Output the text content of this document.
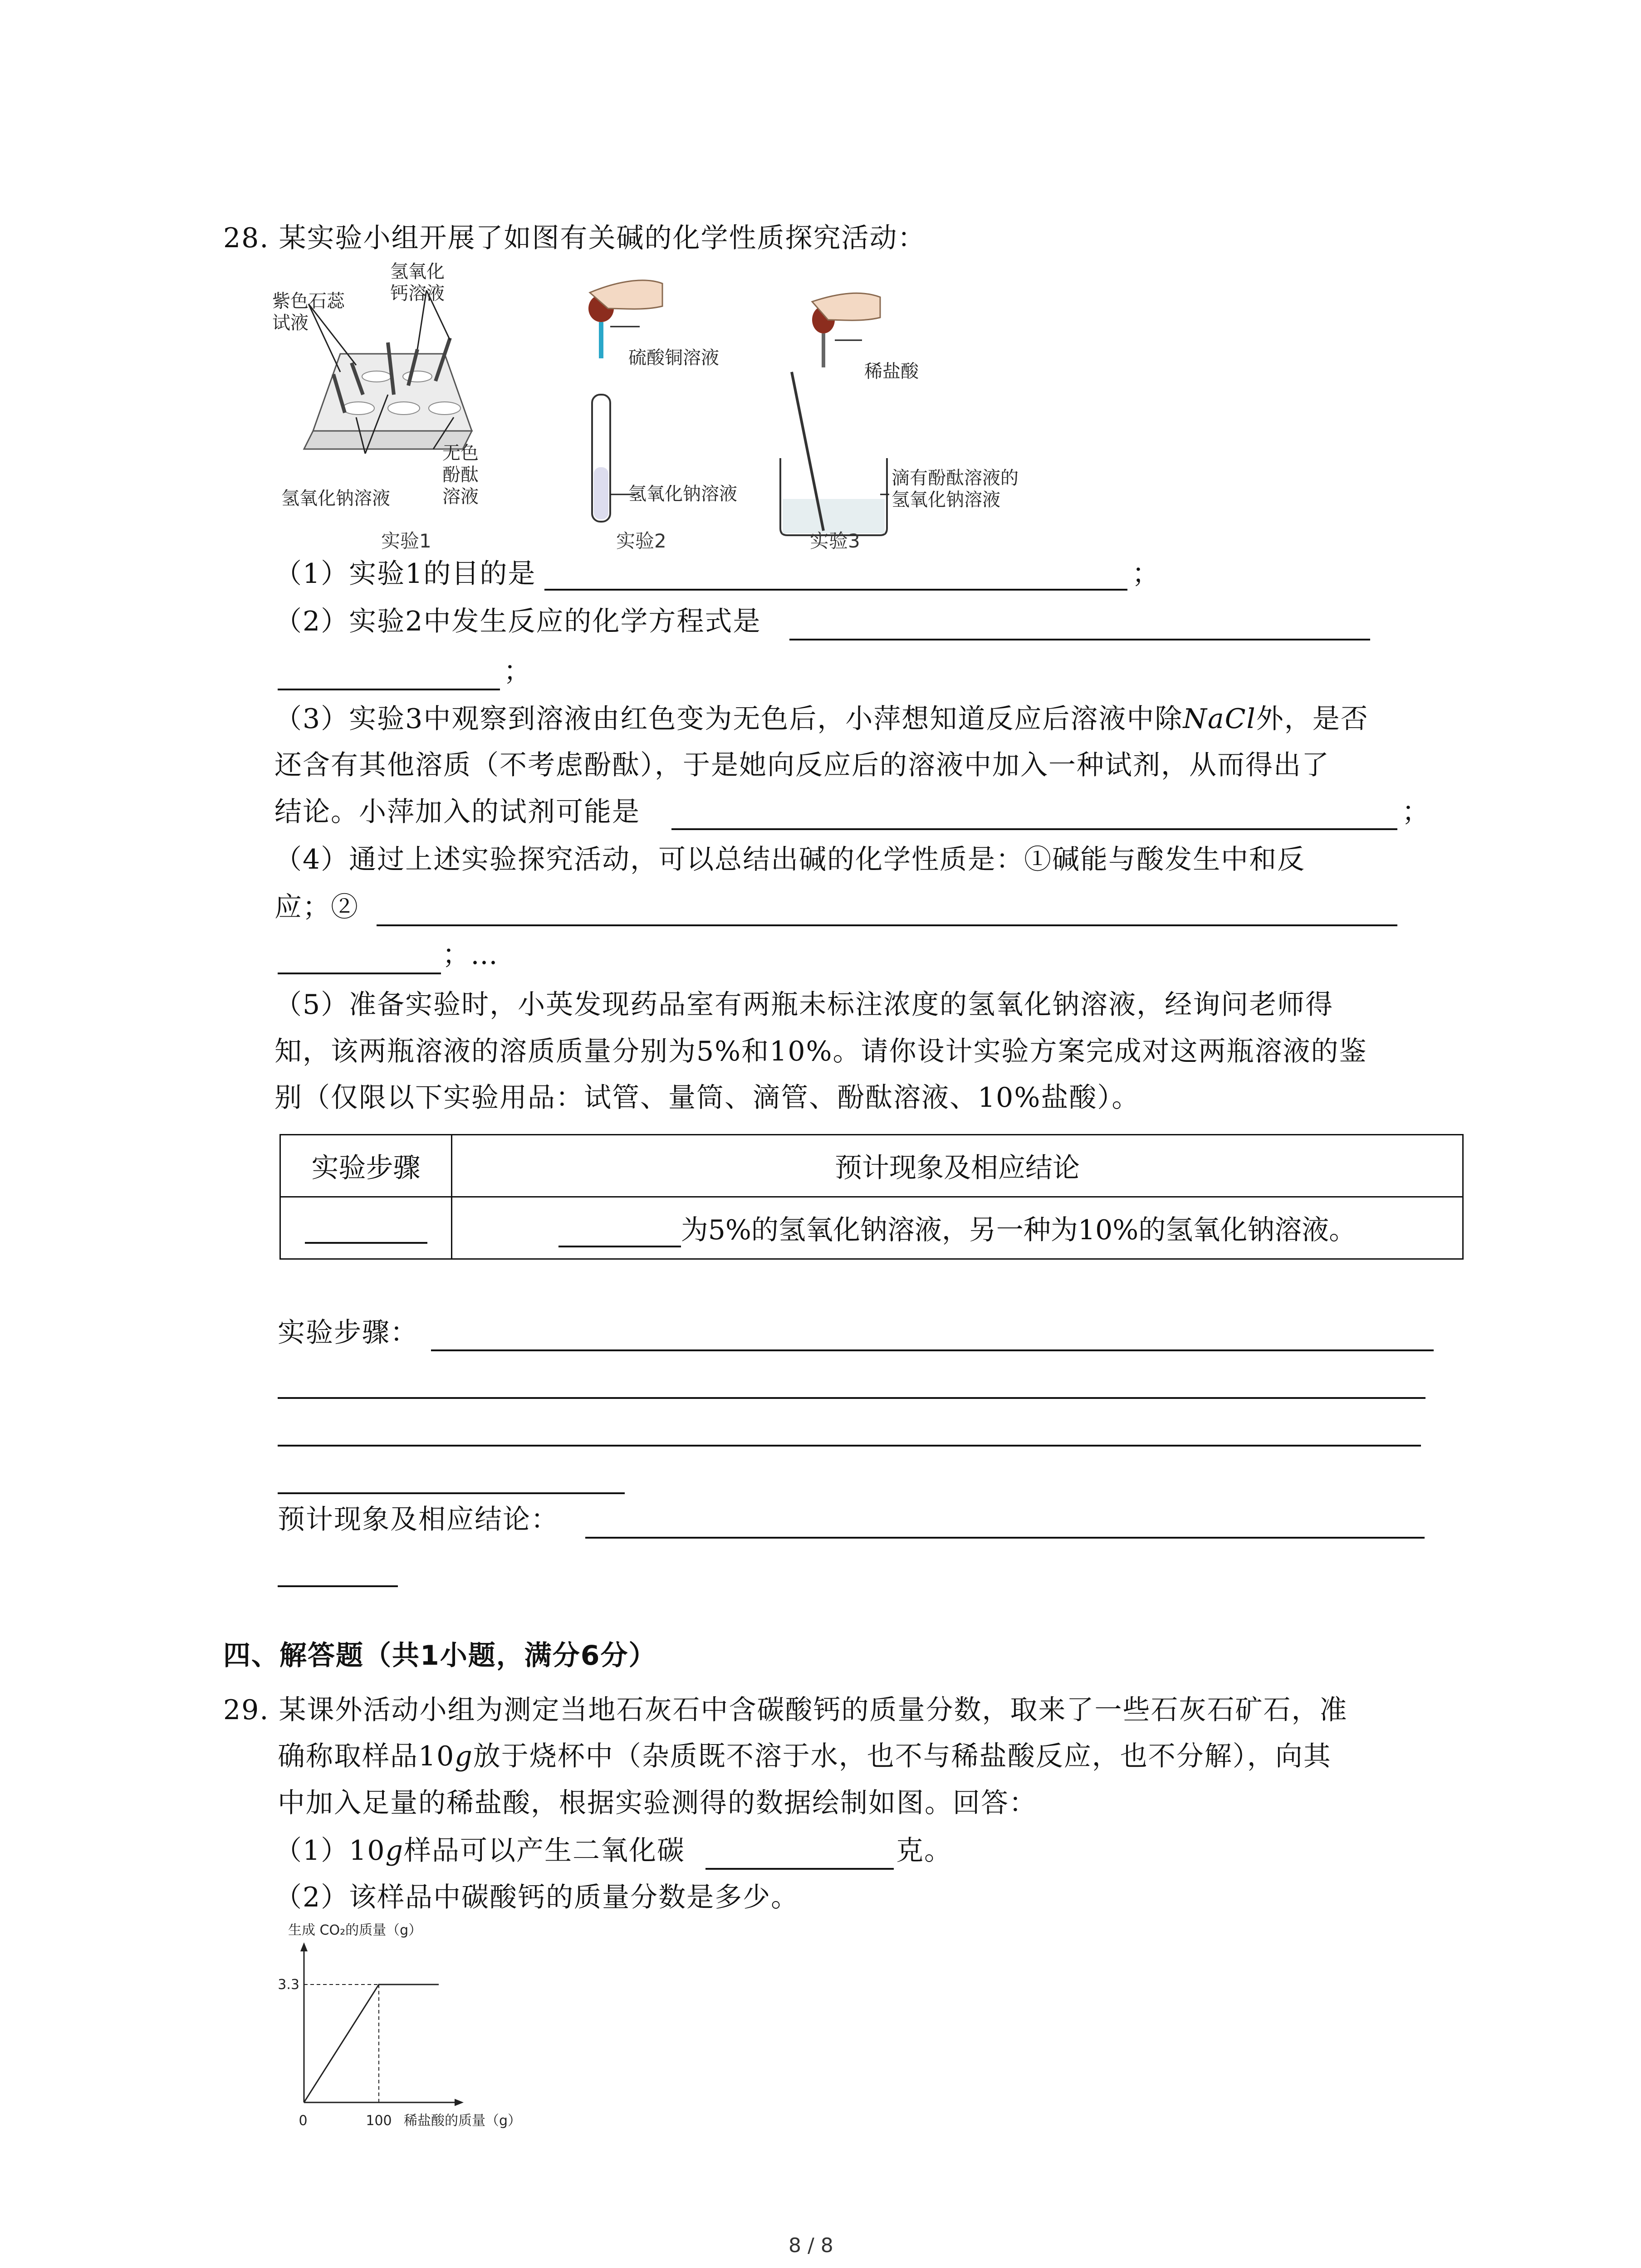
28. 某实验小组开展了如图有关碱的化学性质探究活动：
氢氧化
钙溶液
紫色石蕊
试液
氢氧化钠溶液
无色
酚酞
溶液
实验1
硫酸铜溶液
氢氧化钠溶液
实验2
稀盐酸
滴有酚酞溶液的
氢氧化钠溶液
实验3
（1）实验1的目的是	；
（2）实验2中发生反应的化学方程式是
；
（3）实验3中观察到溶液由红色变为无色后，小萍想知道反应后溶液中除NaCl外，是否
还含有其他溶质（不考虑酚酞），于是她向反应后的溶液中加入一种试剂，从而得出了
结论。小萍加入的试剂可能是	；
（4）通过上述实验探究活动，可以总结出碱的化学性质是：①碱能与酸发生中和反
应；②
；…
（5）准备实验时，小英发现药品室有两瓶未标注浓度的氢氧化钠溶液，经询问老师得
知，该两瓶溶液的溶质质量分别为5%和10%。请你设计实验方案完成对这两瓶溶液的鉴
别（仅限以下实验用品：试管、量筒、滴管、酚酞溶液、10%盐酸）。
实验步骤	预计现象及相应结论
	为5%的氢氧化钠溶液，另一种为10%的氢氧化钠溶液。
实验步骤：
预计现象及相应结论：
四、解答题（共1小题，满分6分）
29. 某课外活动小组为测定当地石灰石中含碳酸钙的质量分数，取来了一些石灰石矿石，准
确称取样品10g放于烧杯中（杂质既不溶于水，也不与稀盐酸反应，也不分解），向其
中加入足量的稀盐酸，根据实验测得的数据绘制如图。回答：
（1）10g样品可以产生二氧化碳	克。
（2）该样品中碳酸钙的质量分数是多少。
生成 CO₂的质量（g）
3.3
0	100 稀盐酸的质量（g）
8 / 8
